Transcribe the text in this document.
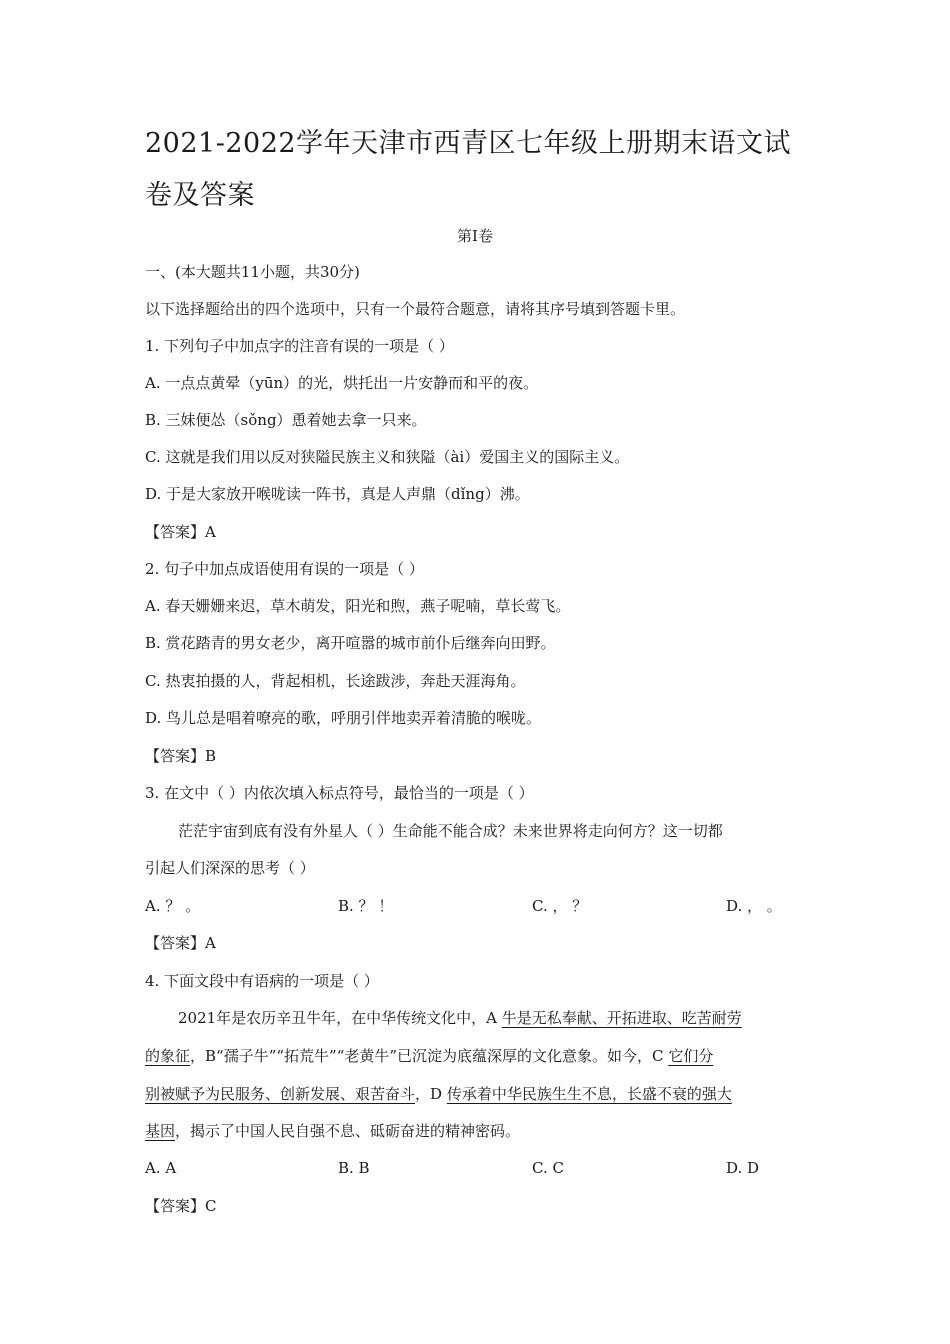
2021-2022学年天津市西青区七年级上册期末语文试卷及答案
第I卷
一、(本大题共11小题，共30分)
以下选择题给出的四个选项中，只有一个最符合题意，请将其序号填到答题卡里。
1. 下列句子中加点字的注音有误的一项是（ ）
A. 一点点黄晕（yūn）的光，烘托出一片安静而和平的夜。
B. 三妹便怂（sǒng）恿着她去拿一只来。
C. 这就是我们用以反对狭隘民族主义和狭隘（ài）爱国主义的国际主义。
D. 于是大家放开喉咙读一阵书，真是人声鼎（dǐng）沸。
【答案】A
2. 句子中加点成语使用有误的一项是（ ）
A. 春天姗姗来迟，草木萌发，阳光和煦，燕子呢喃，草长莺飞。
B. 赏花踏青的男女老少，离开喧嚣的城市前仆后继奔向田野。
C. 热衷拍摄的人，背起相机，长途跋涉，奔赴天涯海角。
D. 鸟儿总是唱着嘹亮的歌，呼朋引伴地卖弄着清脆的喉咙。
【答案】B
3. 在文中（ ）内依次填入标点符号，最恰当的一项是（ ）
茫茫宇宙到底有没有外星人（ ）生命能不能合成？未来世界将走向何方？这一切都
引起人们深深的思考（ ）
A. ？ 。	B. ？ ！	C. ， ？	D. ， 。
【答案】A
4. 下面文段中有语病的一项是（ ）
2021年是农历辛丑牛年，在中华传统文化中，A 牛是无私奉献、开拓进取、吃苦耐劳
的象征，B“孺子牛”“拓荒牛”“老黄牛”已沉淀为底蕴深厚的文化意象。如今，C 它们分
别被赋予为民服务、创新发展、艰苦奋斗，D 传承着中华民族生生不息，长盛不衰的强大
基因，揭示了中国人民自强不息、砥砺奋进的精神密码。
A. A	B. B	C. C	D. D
【答案】C
